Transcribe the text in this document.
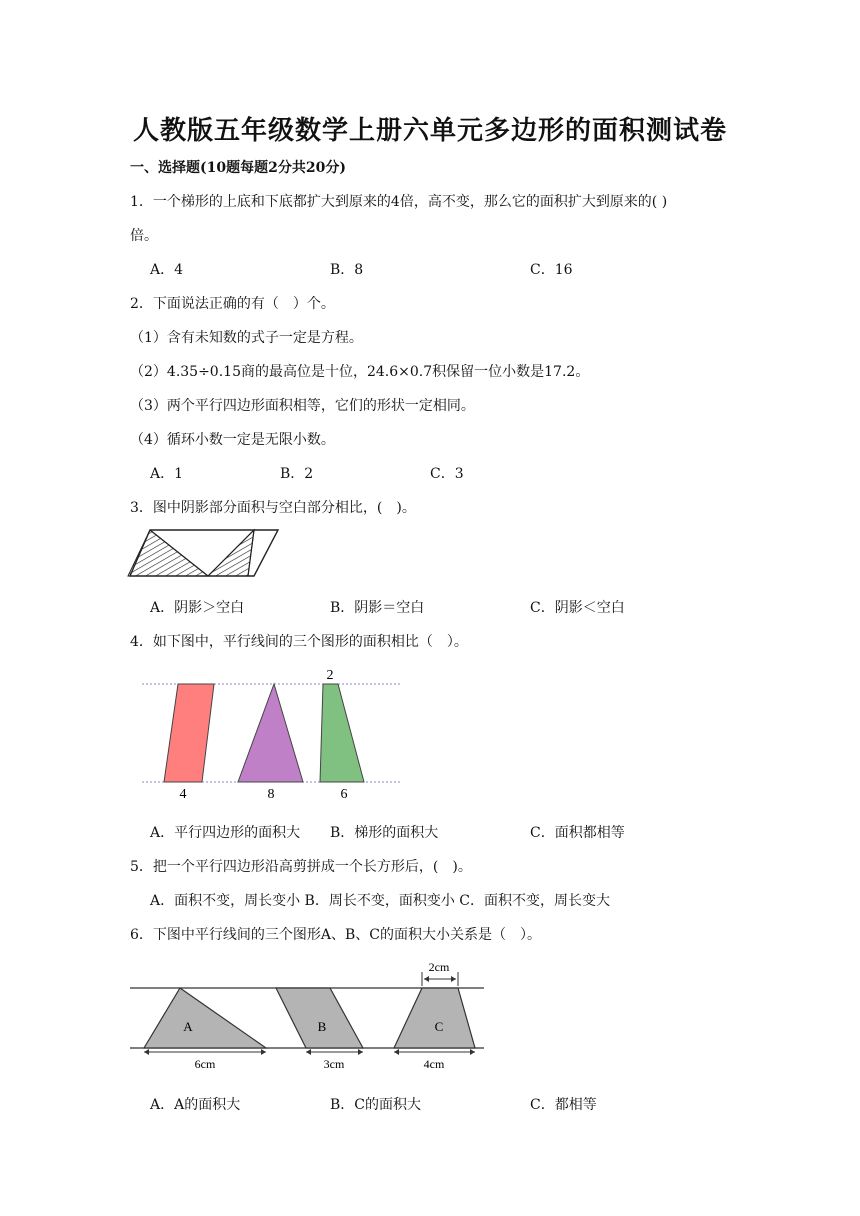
人教版五年级数学上册六单元多边形的面积测试卷
一、选择题(10题每题2分共20分)
1．一个梯形的上底和下底都扩大到原来的4倍，高不变，那么它的面积扩大到原来的( )
倍。
A．4	B．8	C．16
2．下面说法正确的有（　）个。
（1）含有未知数的式子一定是方程。
（2）4.35÷0.15商的最高位是十位，24.6×0.7积保留一位小数是17.2。
（3）两个平行四边形面积相等，它们的形状一定相同。
（4）循环小数一定是无限小数。
A．1	B．2	C．3
3．图中阴影部分面积与空白部分相比，(　)。
A．阴影＞空白	B．阴影＝空白	C．阴影＜空白
4．如下图中，平行线间的三个图形的面积相比（　）。
2
4	8	6
A．平行四边形的面积大 B．梯形的面积大	C．面积都相等
5．把一个平行四边形沿高剪拼成一个长方形后，(　)。
A．面积不变，周长变小 B．周长不变，面积变小 C．面积不变，周长变大
6．下图中平行线间的三个图形A、B、C的面积大小关系是（　）。
2cm
A	B	C
6cm	3cm	4cm
A．A的面积大	B．C的面积大	C．都相等
